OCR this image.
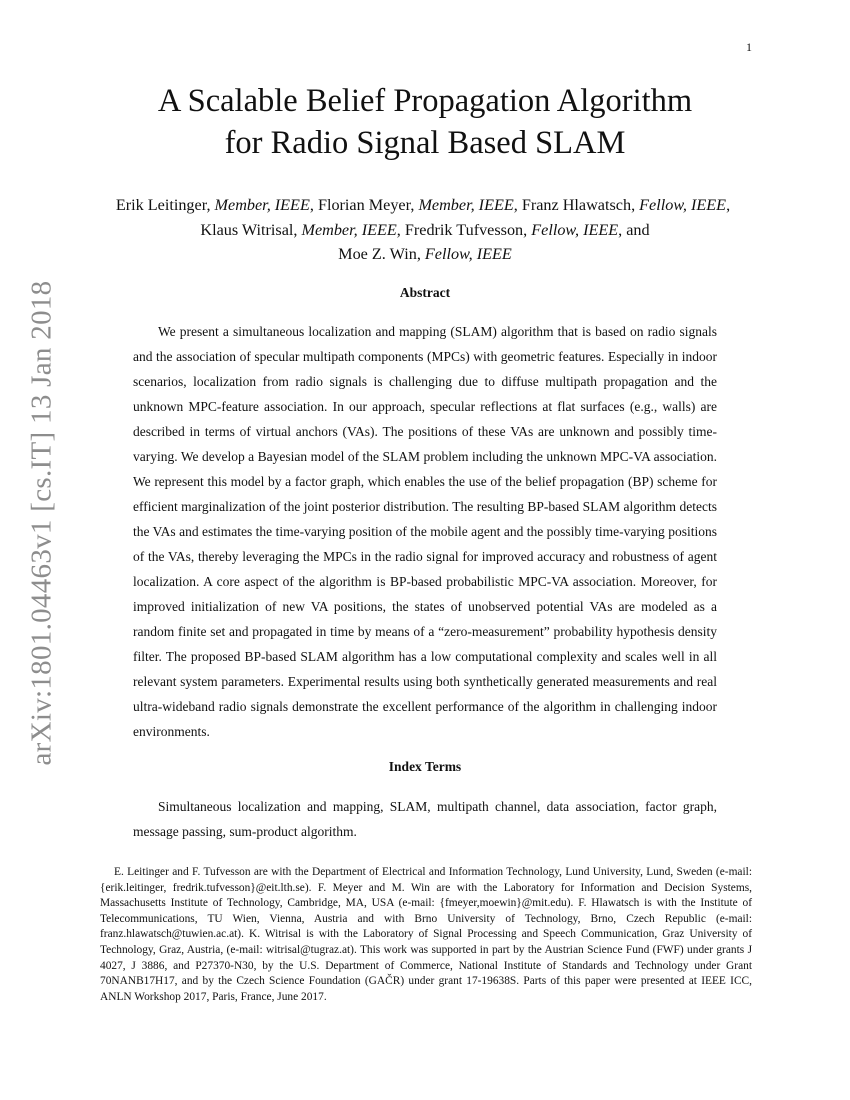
1
arXiv:1801.04463v1 [cs.IT] 13 Jan 2018
A Scalable Belief Propagation Algorithm
for Radio Signal Based SLAM
Erik Leitinger, Member, IEEE, Florian Meyer, Member, IEEE, Franz Hlawatsch, Fellow, IEEE,
Klaus Witrisal, Member, IEEE, Fredrik Tufvesson, Fellow, IEEE, and
Moe Z. Win, Fellow, IEEE
Abstract

We present a simultaneous localization and mapping (SLAM) algorithm that is based on radio signals and the association of specular multipath components (MPCs) with geometric features. Especially in indoor scenarios, localization from radio signals is challenging due to diffuse multipath propagation and the unknown MPC-feature association. In our approach, specular reflections at flat surfaces (e.g., walls) are described in terms of virtual anchors (VAs). The positions of these VAs are unknown and possibly time-varying. We develop a Bayesian model of the SLAM problem including the unknown MPC-VA association. We represent this model by a factor graph, which enables the use of the belief propagation (BP) scheme for efficient marginalization of the joint posterior distribution. The resulting BP-based SLAM algorithm detects the VAs and estimates the time-varying position of the mobile agent and the possibly time-varying positions of the VAs, thereby leveraging the MPCs in the radio signal for improved accuracy and robustness of agent localization. A core aspect of the algorithm is BP-based probabilistic MPC-VA association. Moreover, for improved initialization of new VA positions, the states of unobserved potential VAs are modeled as a random finite set and propagated in time by means of a “zero-measurement” probability hypothesis density filter. The proposed BP-based SLAM algorithm has a low computational complexity and scales well in all relevant system parameters. Experimental results using both synthetically generated measurements and real ultra-wideband radio signals demonstrate the excellent performance of the algorithm in challenging indoor environments.

Index Terms

Simultaneous localization and mapping, SLAM, multipath channel, data association, factor graph, message passing, sum-product algorithm.

E. Leitinger and F. Tufvesson are with the Department of Electrical and Information Technology, Lund University, Lund, Sweden (e-mail: {erik.leitinger, fredrik.tufvesson}@eit.lth.se). F. Meyer and M. Win are with the Laboratory for Information and Decision Systems, Massachusetts Institute of Technology, Cambridge, MA, USA (e-mail: {fmeyer,moewin}@mit.edu). F. Hlawatsch is with the Institute of Telecommunications, TU Wien, Vienna, Austria and with Brno University of Technology, Brno, Czech Republic (e-mail: franz.hlawatsch@tuwien.ac.at). K. Witrisal is with the Laboratory of Signal Processing and Speech Communication, Graz University of Technology, Graz, Austria, (e-mail: witrisal@tugraz.at). This work was supported in part by the Austrian Science Fund (FWF) under grants J 4027, J 3886, and P27370-N30, by the U.S. Department of Commerce, National Institute of Standards and Technology under Grant 70NANB17H17, and by the Czech Science Foundation (GAČR) under grant 17-19638S. Parts of this paper were presented at IEEE ICC, ANLN Workshop 2017, Paris, France, June 2017.
